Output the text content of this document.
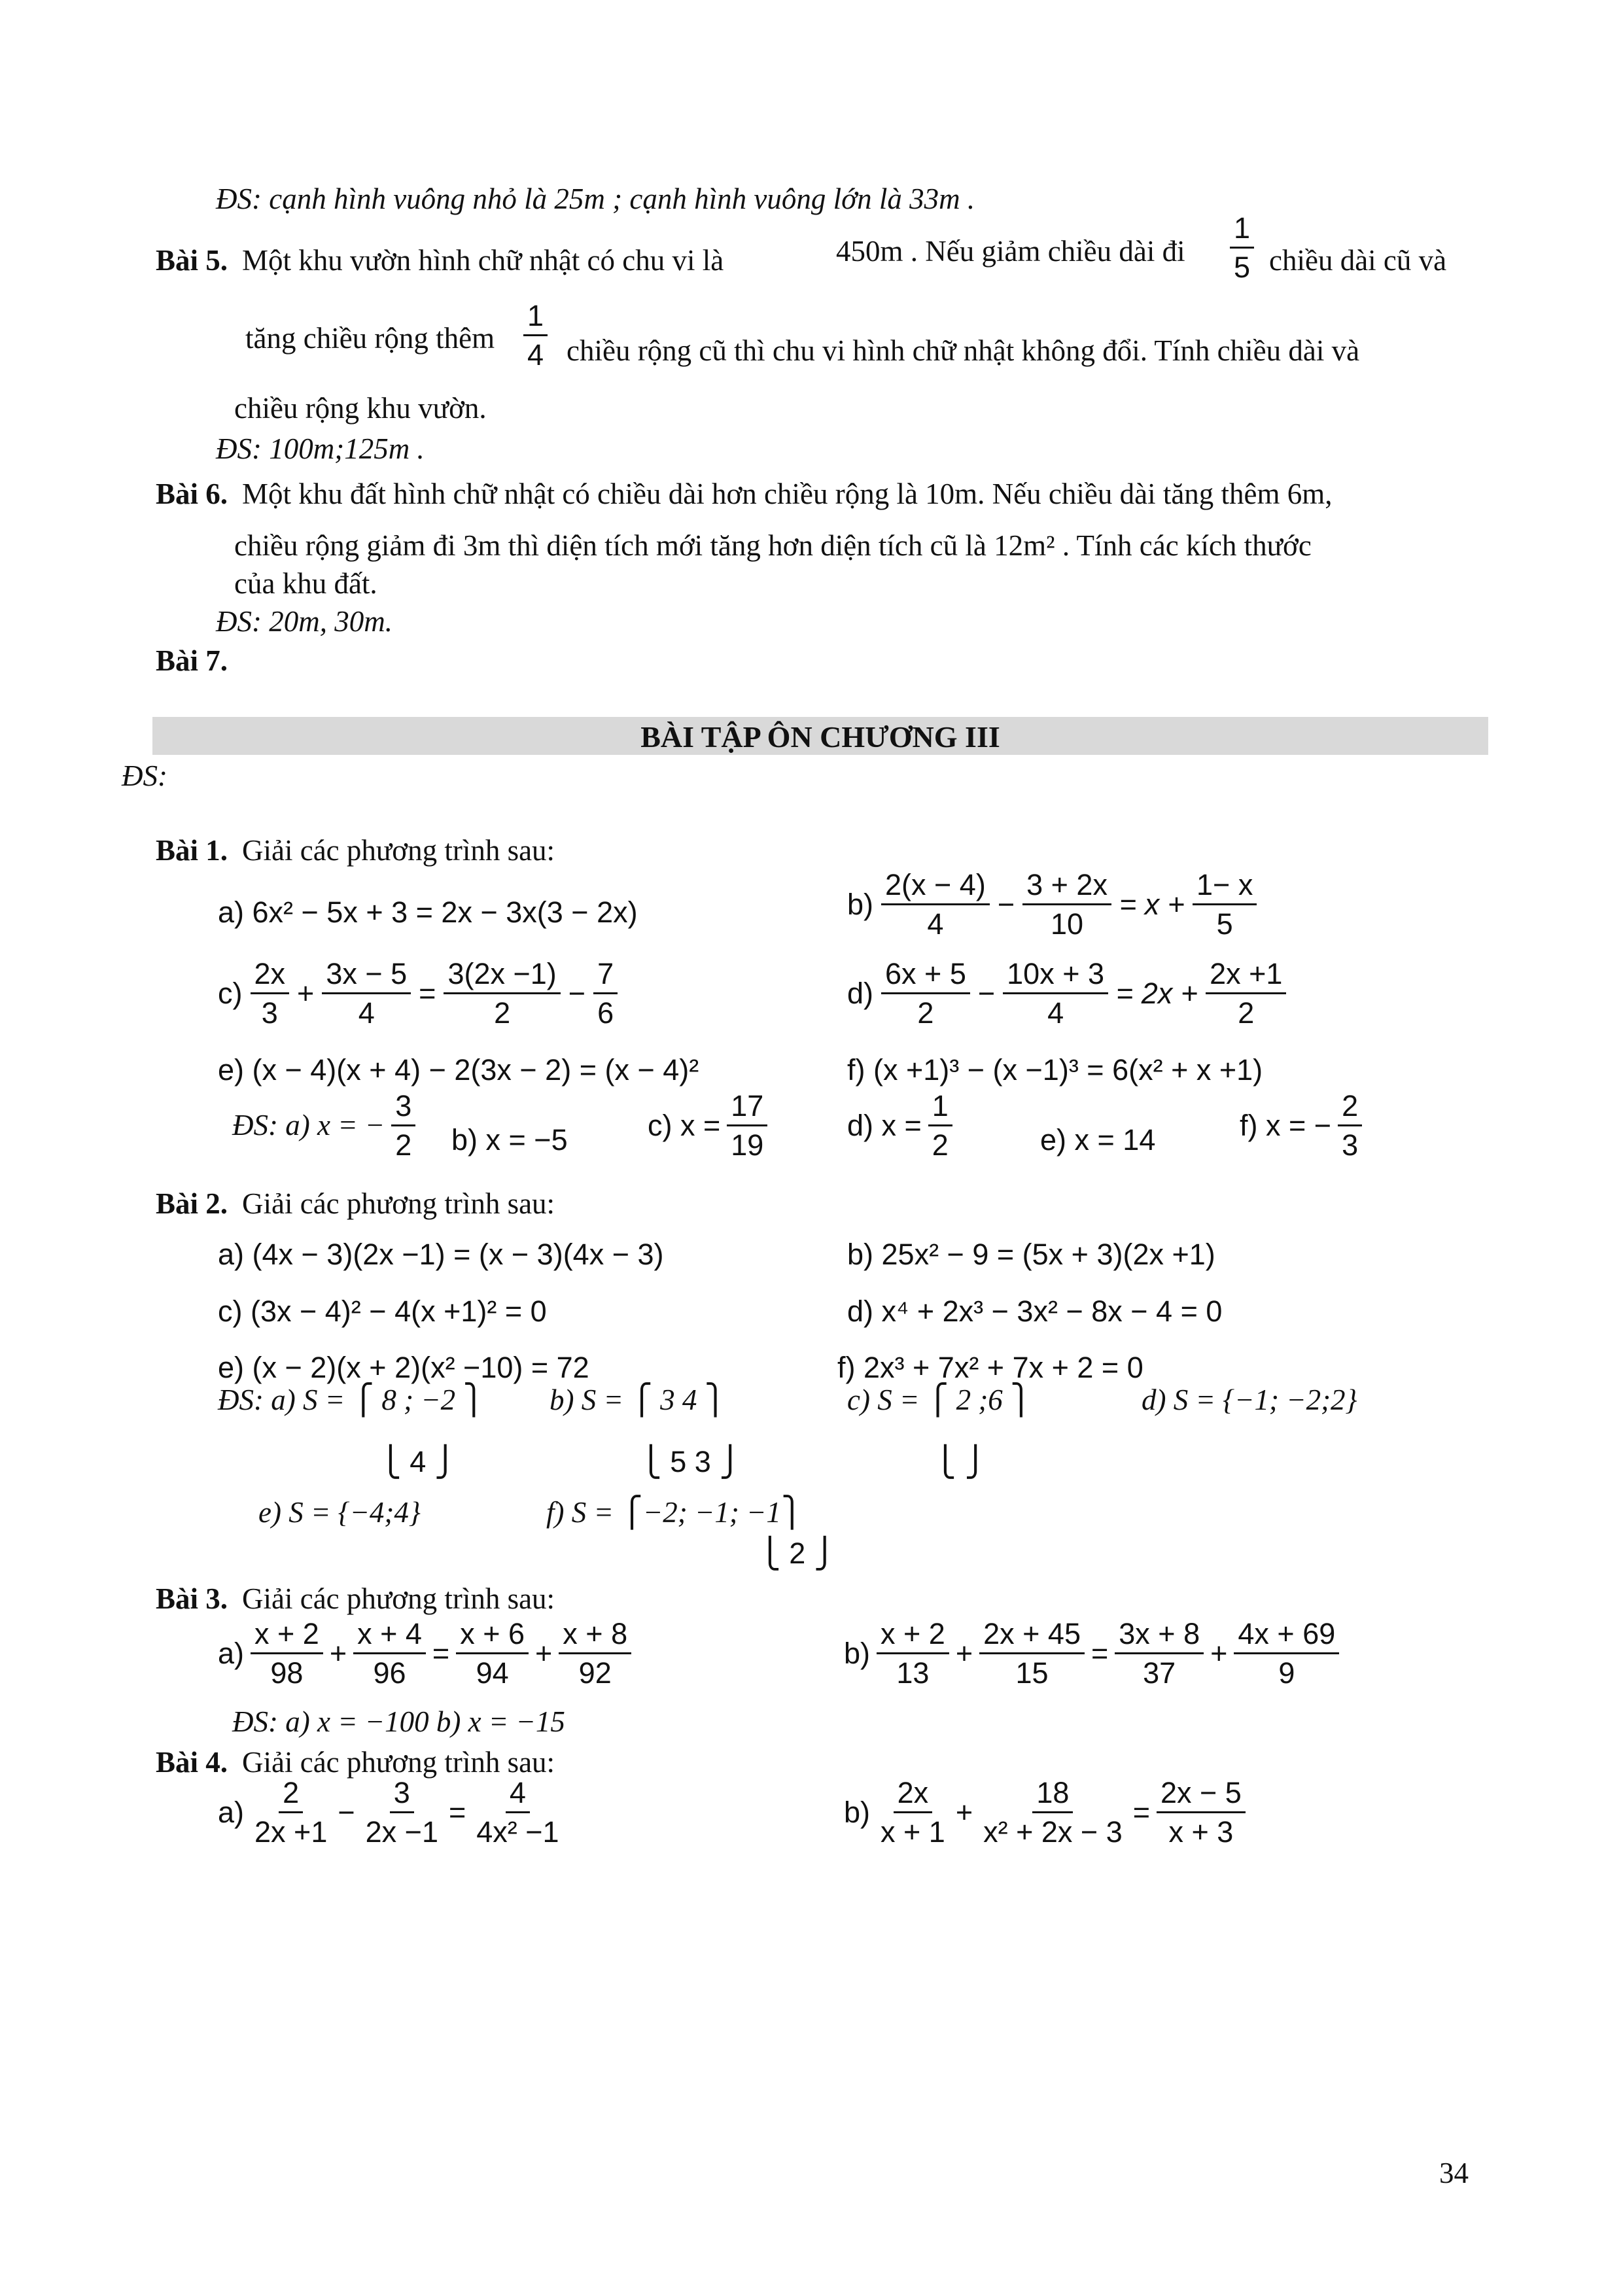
ĐS: cạnh hình vuông nhỏ là 25m ; cạnh hình vuông lớn là 33m .
Bài 5. Một khu vườn hình chữ nhật có chu vi là	450m . Nếu giảm chiều dài đi $\frac{1}{5}$ chiều dài cũ và
tăng chiều rộng thêm $\frac{1}{4}$ chiều rộng cũ thì chu vi hình chữ nhật không đổi. Tính chiều dài và
chiều rộng khu vườn.
ĐS: 100m;125m .
Bài 6. Một khu đất hình chữ nhật có chiều dài hơn chiều rộng là 10m. Nếu chiều dài tăng thêm 6m,
chiều rộng giảm đi 3m thì diện tích mới tăng hơn diện tích cũ là 12m² . Tính các kích thước
của khu đất.
ĐS: 20m, 30m.
Bài 7.
BÀI TẬP ÔN CHƯƠNG III
ĐS:
Bài 1. Giải các phương trình sau:
a) 6x² − 5x + 3 = 2x − 3x(3 − 2x)	$b) \frac{2(x - 4)}{4} - \frac{3 + 2x}{10} = x + \frac{1- x}{5}$
$c) \frac{2x}{3} + \frac{3x - 5}{4} = \frac{3(2x -1)}{2} - \frac{7}{6}$	$d) \frac{6x + 5}{2} - \frac{10x + 3}{4} = 2x + \frac{2x +1}{2}$
e) (x − 4)(x + 4) − 2(3x − 2) = (x − 4)²	f) (x +1)³ − (x −1)³ = 6(x² + x +1)
ĐS: a) x = − $\frac{3}{2} b$) x = −5	c) $x = \frac{17}{19}$	d) $x = \frac{1}{2}$	e) x = 14	f) x = − $\frac{2}{3}$
Bài 2. Giải các phương trình sau:
a) (4x − 3)(2x −1) = (x − 3)(4x − 3)	b) 25x² − 9 = (5x + 3)(2x +1)
c) (3x − 4)² − 4(x +1)² = 0	d) x⁴ + 2x³ − 3x² − 8x − 4 = 0
e) (x − 2)(x + 2)(x² −10) = 72	f) 2x³ + 7x² + 7x + 2 = 0
ĐS: a) S = ⎧ 8 ; −2 ⎫
⎩ 4 ⎭
b) S = ⎧ 3 4 ⎫
⎩ 5 3 ⎭
c) S = ⎧ 2 ;6 ⎫
⎩ ⎭
d) S = {−1; −2;2}
e) S = {−4;4}	f) S = ⎧−2; −1; −1⎫
⎩ 2 ⎭
Bài 3. Giải các phương trình sau:
$a) \frac{x + 2}{98} + \frac{x + 4}{96} = \frac{x + 6}{94} + \frac{x + 8}{92}$	$b) \frac{x + 2}{13} + \frac{2x + 45}{15} = \frac{3x + 8}{37} + \frac{4x + 69}{9}$
ĐS: a) x = −100 b) x = −15
Bài 4. Giải các phương trình sau:
$a) \frac{2}{2x +1} - \frac{3}{2x -1} = \frac{4}{\text{4x² −1}}$	$b) \frac{2x}{x + 1} + \frac{18}{\text{x² + 2x − 3}} = \frac{2x - 5}{x + 3}$
34
